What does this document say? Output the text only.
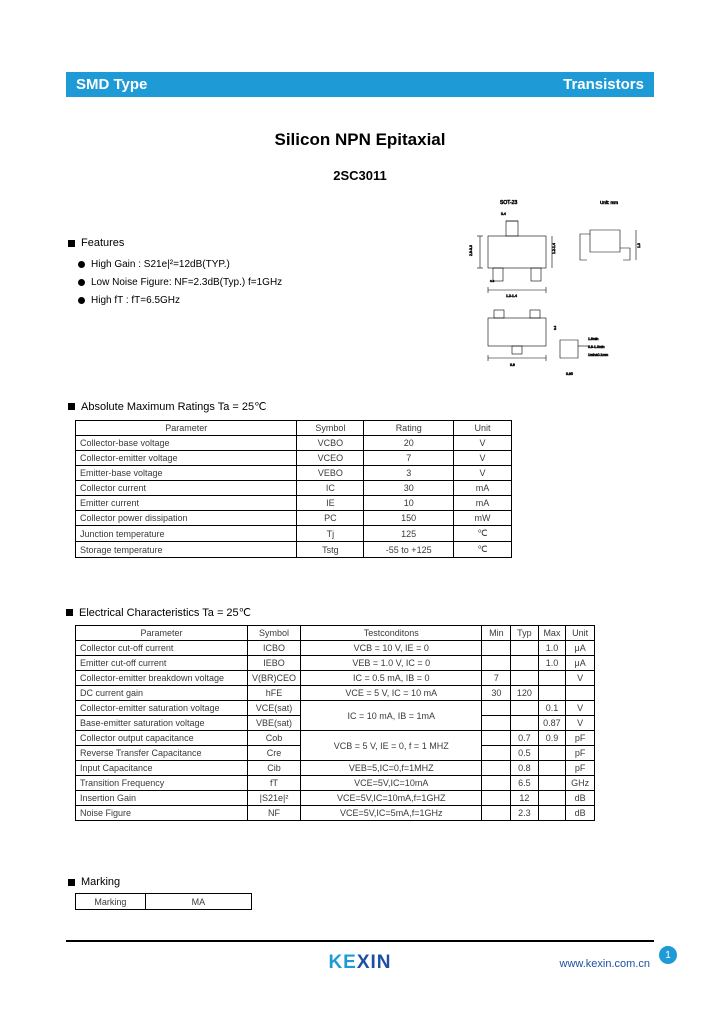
SMD Type	Transistors
Silicon NPN Epitaxial
2SC3011
Features
High Gain : S21e|²=12dB(TYP.)
Low Noise Figure: NF=2.3dB(Typ.) f=1GHz
High fT : fT=6.5GHz
SOT-23
2.8-3.0
1.2-1.4
0.4
1.2-1.4
0.3
Unit: mm
1.0
0.9
1.8min
0.8-1.0min
1min±0.1mm
0.95
0.4
Absolute Maximum Ratings Ta = 25℃
Parameter	Symbol	Rating	Unit
Collector-base voltage	VCBO	20	V
Collector-emitter voltage	VCEO	7	V
Emitter-base voltage	VEBO	3	V
Collector current	IC	30	mA
Emitter current	IE	10	mA
Collector power dissipation	PC	150	mW
Junction temperature	Tj	125	℃
Storage temperature	Tstg	-55 to +125	℃
Electrical Characteristics Ta = 25℃
Parameter	Symbol	Testconditons	Min	Typ	Max	Unit
Collector cut-off current	ICBO	VCB = 10 V, IE = 0			1.0	μA
Emitter cut-off current	IEBO	VEB = 1.0 V, IC = 0			1.0	μA
Collector-emitter breakdown voltage	V(BR)CEO	IC = 0.5 mA, IB = 0	7			V
DC current gain	hFE	VCE = 5 V, IC = 10 mA	30	120		
Collector-emitter saturation voltage	VCE(sat)	IC = 10 mA, IB = 1mA			0.1	V
Base-emitter saturation voltage	VBE(sat)				0.87	V
Collector output capacitance	Cob	VCB = 5 V, IE = 0, f = 1 MHZ		0.7	0.9	pF
Reverse Transfer Capacitance	Cre			0.5		pF
Input Capacitance	Cib	VEB=5,IC=0,f=1MHZ		0.8		pF
Transition Frequency	fT	VCE=5V,IC=10mA		6.5		GHz
Insertion Gain	|S21e|²	VCE=5V,IC=10mA,f=1GHZ		12		dB
Noise Figure	NF	VCE=5V,IC=5mA,f=1GHz		2.3		dB
Marking
Marking	MA
KEXIN	www.kexin.com.cn
1
